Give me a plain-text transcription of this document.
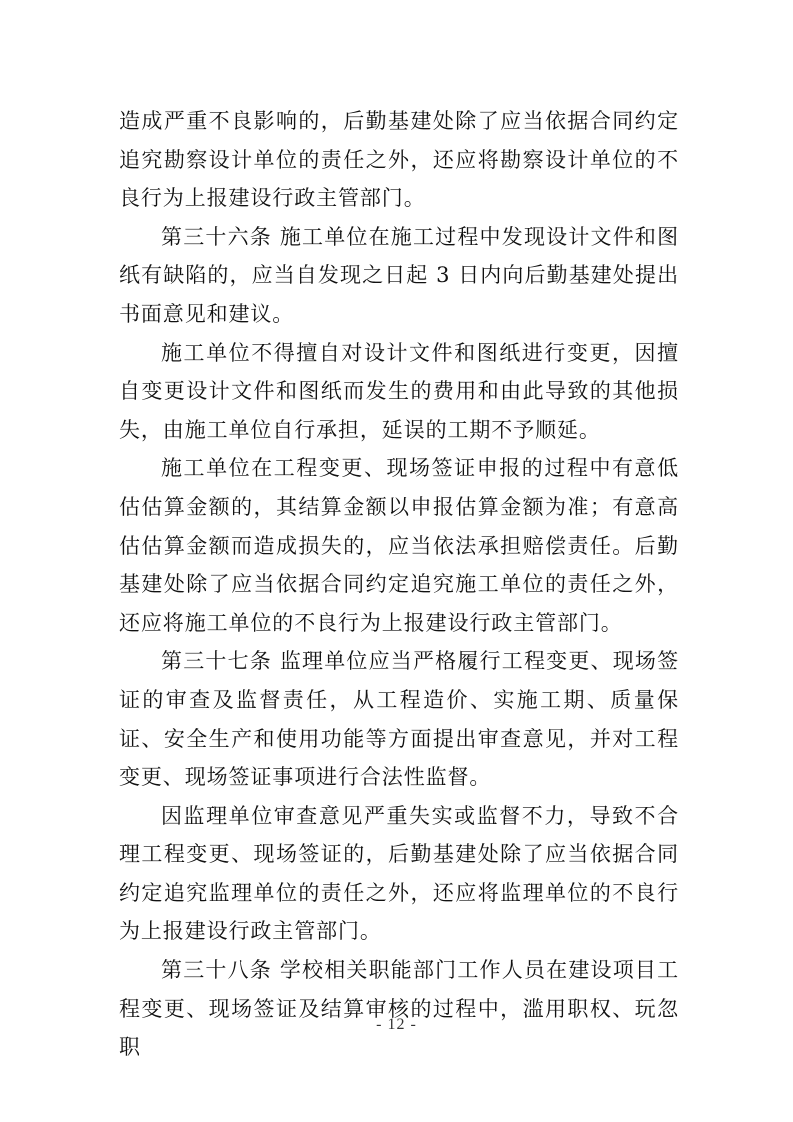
造成严重不良影响的，后勤基建处除了应当依据合同约定追究勘察设计单位的责任之外，还应将勘察设计单位的不良行为上报建设行政主管部门。

第三十六条 施工单位在施工过程中发现设计文件和图纸有缺陷的，应当自发现之日起 3 日内向后勤基建处提出书面意见和建议。

施工单位不得擅自对设计文件和图纸进行变更，因擅自变更设计文件和图纸而发生的费用和由此导致的其他损失，由施工单位自行承担，延误的工期不予顺延。

施工单位在工程变更、现场签证申报的过程中有意低估估算金额的，其结算金额以申报估算金额为准；有意高估估算金额而造成损失的，应当依法承担赔偿责任。后勤基建处除了应当依据合同约定追究施工单位的责任之外，还应将施工单位的不良行为上报建设行政主管部门。

第三十七条 监理单位应当严格履行工程变更、现场签证的审查及监督责任，从工程造价、实施工期、质量保证、安全生产和使用功能等方面提出审查意见，并对工程变更、现场签证事项进行合法性监督。

因监理单位审查意见严重失实或监督不力，导致不合理工程变更、现场签证的，后勤基建处除了应当依据合同约定追究监理单位的责任之外，还应将监理单位的不良行为上报建设行政主管部门。

第三十八条 学校相关职能部门工作人员在建设项目工程变更、现场签证及结算审核的过程中，滥用职权、玩忽职

- 12 -
